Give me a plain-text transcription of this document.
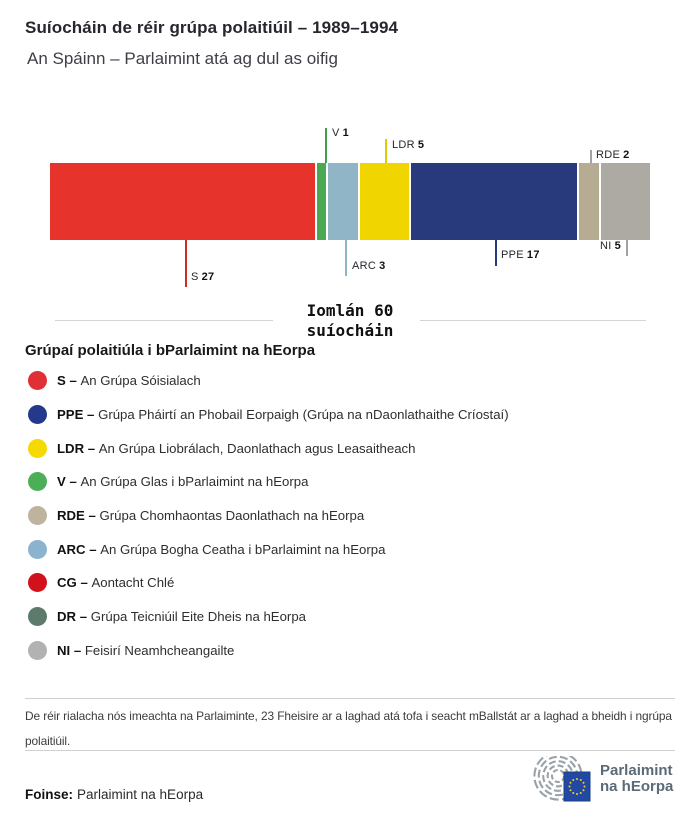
Suíocháin de réir grúpa polaitiúil – 1989–1994
An Spáinn – Parlaimint atá ag dul as oifig
V 1
LDR 5
RDE 2
S 27
ARC 3
PPE 17
NI 5
Iomlán 60
suíocháin
Grúpaí polaitiúla i bParlaimint na hEorpa
S – An Grúpa Sóisialach
PPE – Grúpa Pháirtí an Phobail Eorpaigh (Grúpa na nDaonlathaithe Críostaí)
LDR – An Grúpa Liobrálach, Daonlathach agus Leasaitheach
V – An Grúpa Glas i bParlaimint na hEorpa
RDE – Grúpa Chomhaontas Daonlathach na hEorpa
ARC – An Grúpa Bogha Ceatha i bParlaimint na hEorpa
CG – Aontacht Chlé
DR – Grúpa Teicniúil Eite Dheis na hEorpa
NI – Feisirí Neamhcheangailte
De réir rialacha nós imeachta na Parlaiminte, 23 Fheisire ar a laghad atá tofa i seacht mBallstát ar a laghad a bheidh i ngrúpa polaitiúil.
Foinse: Parlaimint na hEorpa
Parlaimint
na hEorpa
